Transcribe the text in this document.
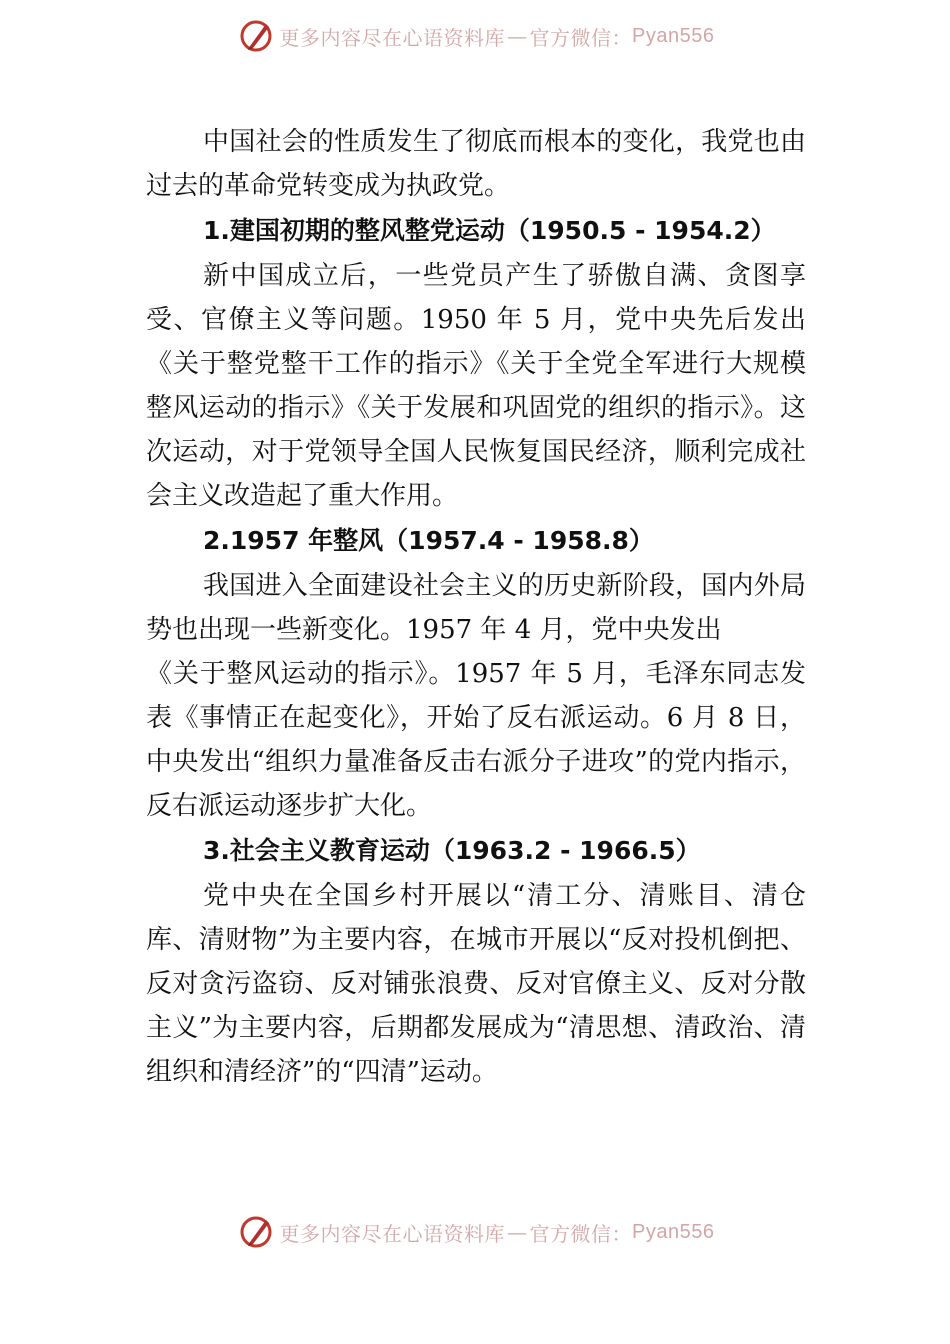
更多内容尽在心语资料库 — 官方微信： Pyan556

中国社会的性质发生了彻底而根本的变化，我党也由过去的革命党转变成为执政党。

1.建国初期的整风整党运动（1950.5 - 1954.2）

新中国成立后，一些党员产生了骄傲自满、贪图享受、官僚主义等问题。1950 年 5 月，党中央先后发出《关于整党整干工作的指示》《关于全党全军进行大规模整风运动的指示》《关于发展和巩固党的组织的指示》。这次运动，对于党领导全国人民恢复国民经济，顺利完成社会主义改造起了重大作用。

2.1957 年整风（1957.4 - 1958.8）

我国进入全面建设社会主义的历史新阶段，国内外局势也出现一些新变化。1957 年 4 月，党中央发出

《关于整风运动的指示》。1957 年 5 月，毛泽东同志发表《事情正在起变化》，开始了反右派运动。6 月 8 日，中央发出“组织力量准备反击右派分子进攻”的党内指示，反右派运动逐步扩大化。

3.社会主义教育运动（1963.2 - 1966.5）

党中央在全国乡村开展以“清工分、清账目、清仓库、清财物”为主要内容，在城市开展以“反对投机倒把、反对贪污盗窃、反对铺张浪费、反对官僚主义、反对分散主义”为主要内容，后期都发展成为“清思想、清政治、清组织和清经济”的“四清”运动。

更多内容尽在心语资料库 — 官方微信： Pyan556
